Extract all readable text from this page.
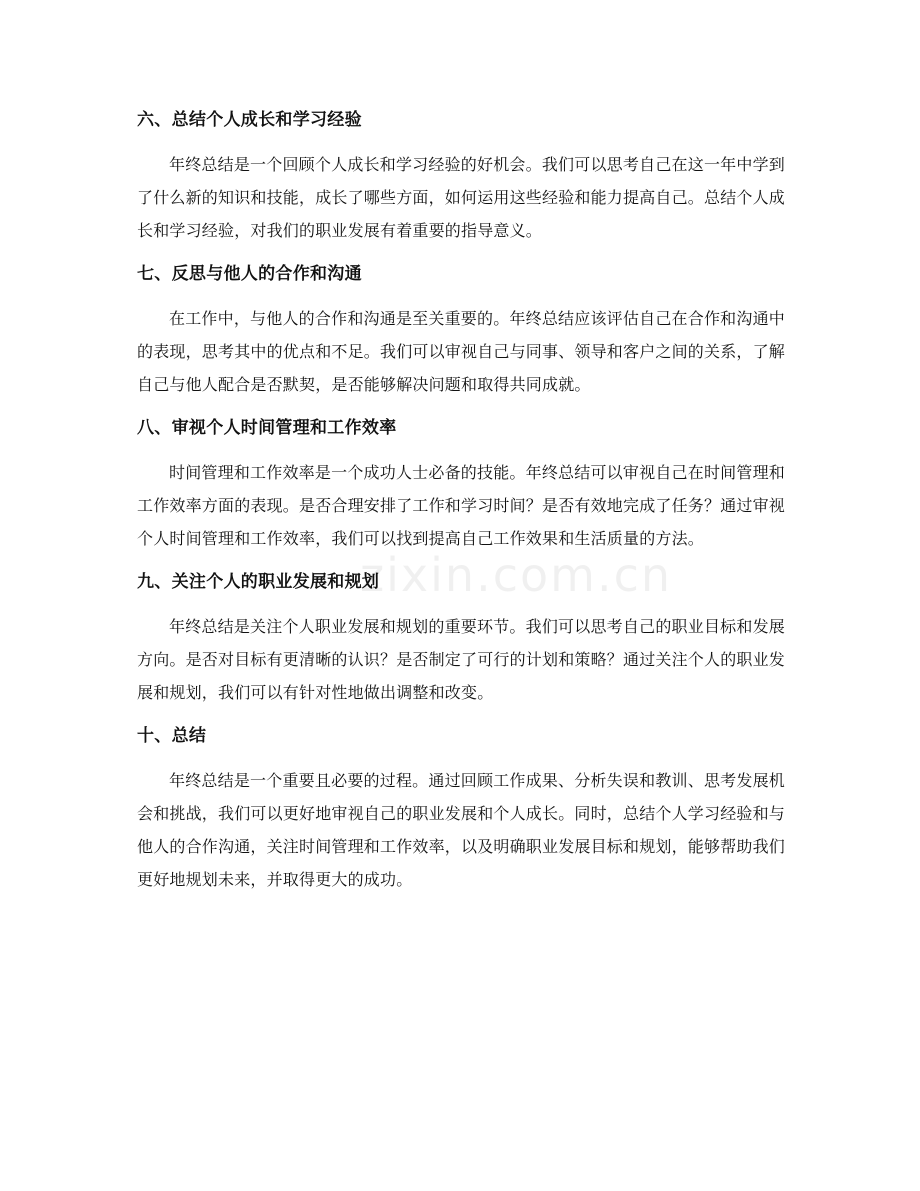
六、总结个人成长和学习经验

年终总结是一个回顾个人成长和学习经验的好机会。我们可以思考自己在这一年中学到了什么新的知识和技能，成长了哪些方面，如何运用这些经验和能力提高自己。总结个人成长和学习经验，对我们的职业发展有着重要的指导意义。

七、反思与他人的合作和沟通

在工作中，与他人的合作和沟通是至关重要的。年终总结应该评估自己在合作和沟通中的表现，思考其中的优点和不足。我们可以审视自己与同事、领导和客户之间的关系，了解自己与他人配合是否默契，是否能够解决问题和取得共同成就。

八、审视个人时间管理和工作效率

时间管理和工作效率是一个成功人士必备的技能。年终总结可以审视自己在时间管理和工作效率方面的表现。是否合理安排了工作和学习时间？是否有效地完成了任务？通过审视个人时间管理和工作效率，我们可以找到提高自己工作效果和生活质量的方法。

九、关注个人的职业发展和规划

年终总结是关注个人职业发展和规划的重要环节。我们可以思考自己的职业目标和发展方向。是否对目标有更清晰的认识？是否制定了可行的计划和策略？通过关注个人的职业发展和规划，我们可以有针对性地做出调整和改变。

十、总结

年终总结是一个重要且必要的过程。通过回顾工作成果、分析失误和教训、思考发展机会和挑战，我们可以更好地审视自己的职业发展和个人成长。同时，总结个人学习经验和与他人的合作沟通，关注时间管理和工作效率，以及明确职业发展目标和规划，能够帮助我们更好地规划未来，并取得更大的成功。

zixin.com.cn
